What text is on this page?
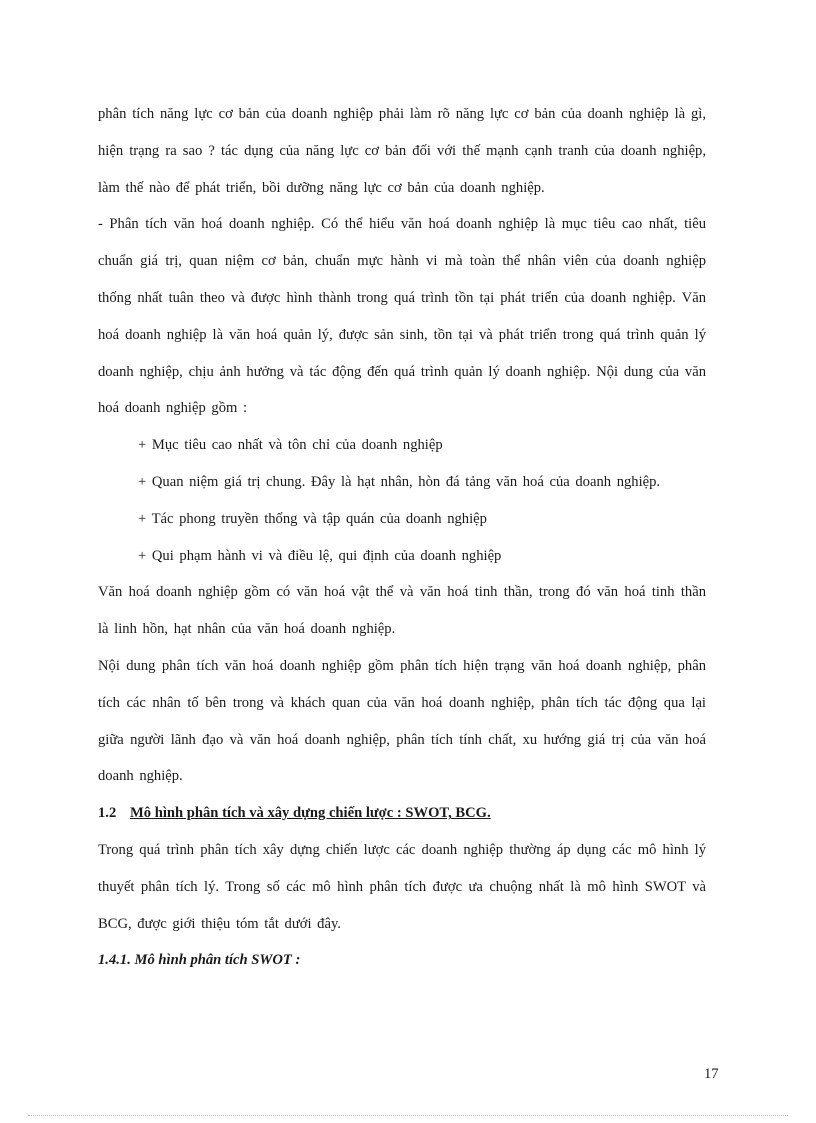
phân tích năng lực cơ bản của doanh nghiệp phải làm rõ năng lực cơ bản của doanh nghiệp là gì, hiện trạng ra sao ? tác dụng của năng lực cơ bản đối với thế mạnh cạnh tranh của doanh nghiệp, làm thế nào để phát triển, bồi dưỡng năng lực cơ bản của doanh nghiệp.

- Phân tích văn hoá doanh nghiệp. Có thể hiểu văn hoá doanh nghiệp là mục tiêu cao nhất, tiêu chuẩn giá trị, quan niệm cơ bản, chuẩn mực hành vi mà toàn thể nhân viên của doanh nghiệp thống nhất tuân theo và được hình thành trong quá trình tồn tại phát triển của doanh nghiệp. Văn hoá doanh nghiệp là văn hoá quản lý, được sản sinh, tồn tại và phát triển trong quá trình quản lý doanh nghiệp, chịu ảnh hưởng và tác động đến quá trình quản lý doanh nghiệp. Nội dung của văn hoá doanh nghiệp gồm :

+ Mục tiêu cao nhất và tôn chỉ của doanh nghiệp

+ Quan niệm giá trị chung. Đây là hạt nhân, hòn đá tảng văn hoá của doanh nghiệp.

+ Tác phong truyền thống và tập quán của doanh nghiệp

+ Qui phạm hành vi và điều lệ, qui định của doanh nghiệp

Văn hoá doanh nghiệp gồm có văn hoá vật thể và văn hoá tinh thần, trong đó văn hoá tinh thần là linh hồn, hạt nhân của văn hoá doanh nghiệp.

Nội dung phân tích văn hoá doanh nghiệp gồm phân tích hiện trạng văn hoá doanh nghiệp, phân tích các nhân tố bên trong và khách quan của văn hoá doanh nghiệp, phân tích tác động qua lại giữa người lãnh đạo và văn hoá doanh nghiệp, phân tích tính chất, xu hướng giá trị của văn hoá doanh nghiệp.

1.2 Mô hình phân tích và xây dựng chiến lược : SWOT, BCG.

Trong quá trình phân tích xây dựng chiến lược các doanh nghiệp thường áp dụng các mô hình lý thuyết phân tích lý. Trong số các mô hình phân tích được ưa chuộng nhất là mô hình SWOT và BCG, được giới thiệu tóm tắt dưới đây.

1.4.1. Mô hình phân tích SWOT :
17
